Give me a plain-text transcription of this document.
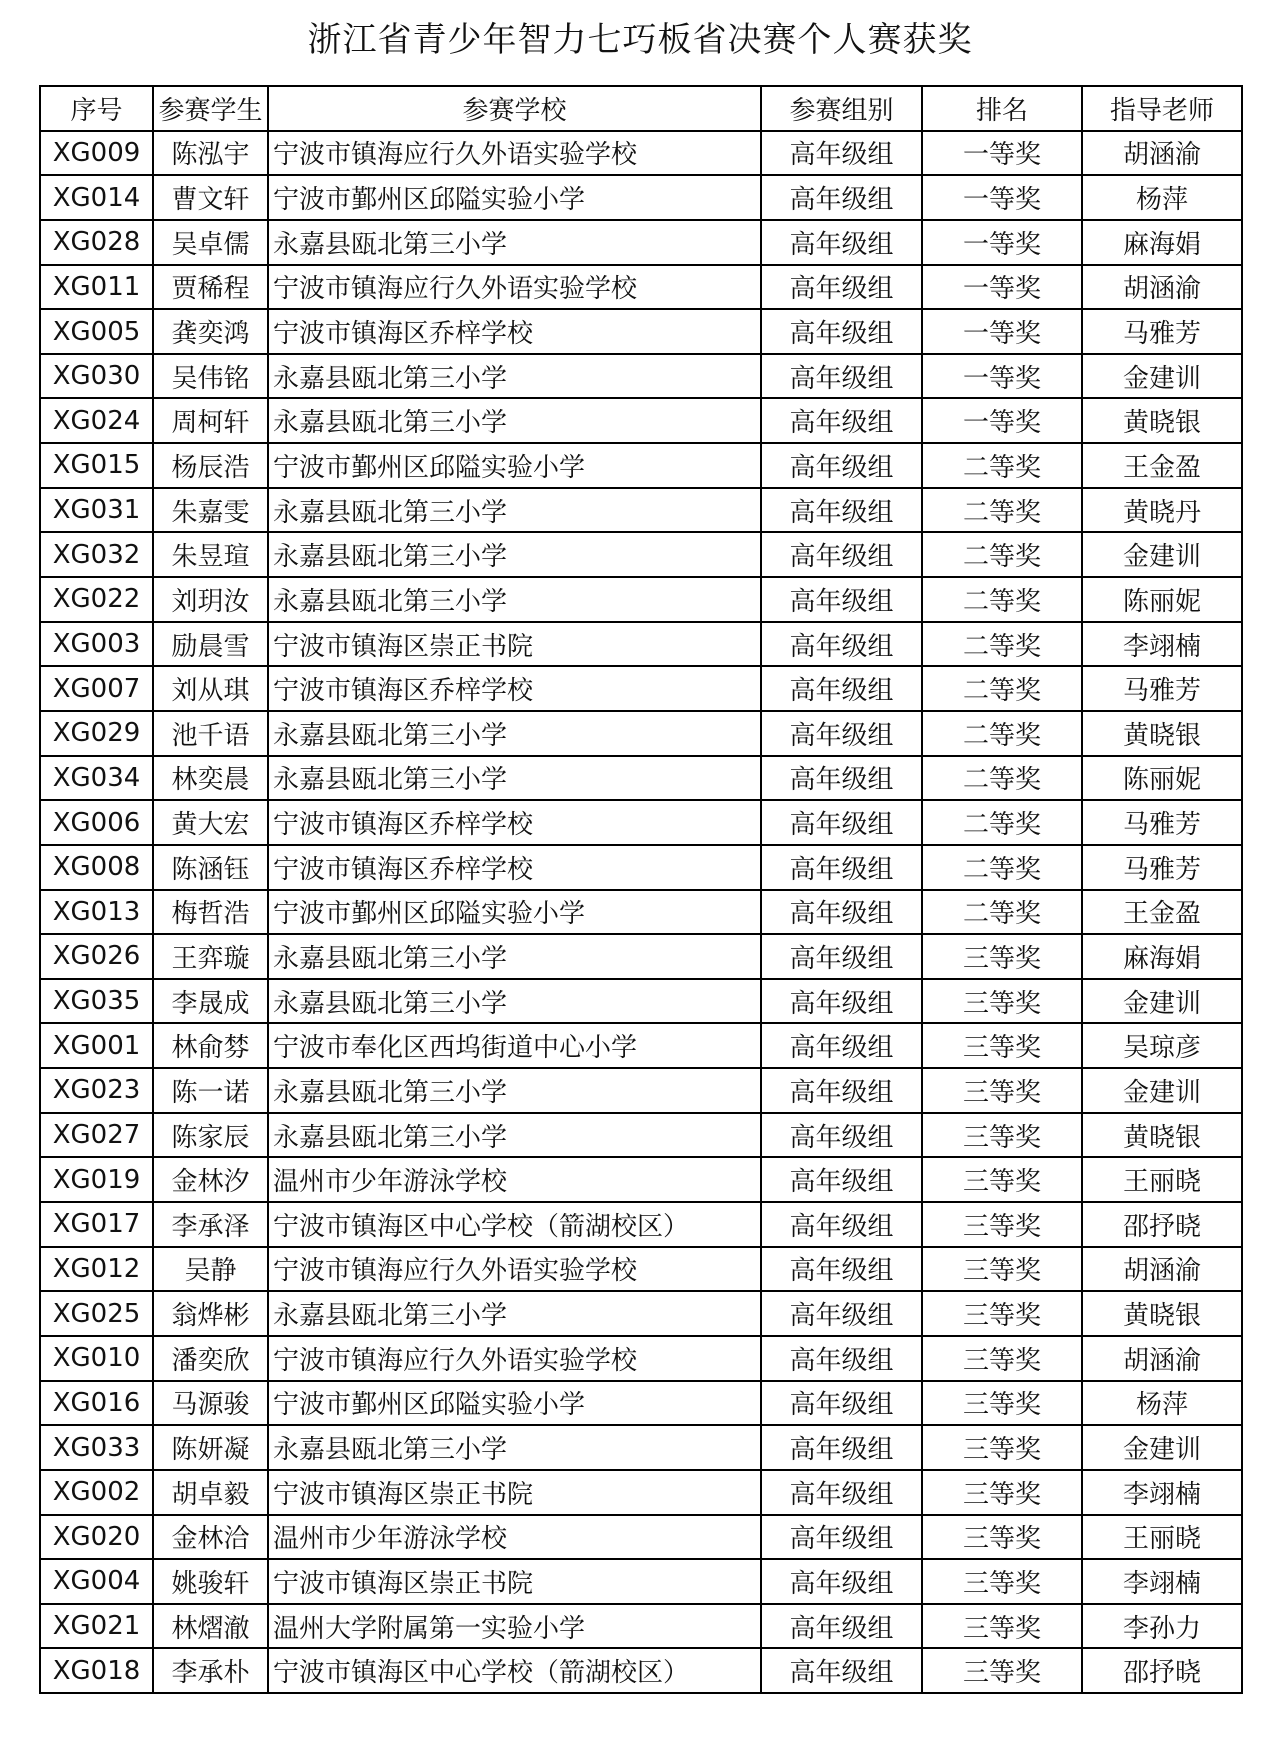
浙江省青少年智力七巧板省决赛个人赛获奖
序号	参赛学生	参赛学校	参赛组别	排名	指导老师
XG009	陈泓宇	宁波市镇海应行久外语实验学校	高年级组	一等奖	胡涵渝
XG014	曹文轩	宁波市鄞州区邱隘实验小学	高年级组	一等奖	杨萍
XG028	吴卓儒	永嘉县瓯北第三小学	高年级组	一等奖	麻海娟
XG011	贾稀程	宁波市镇海应行久外语实验学校	高年级组	一等奖	胡涵渝
XG005	龚奕鸿	宁波市镇海区乔梓学校	高年级组	一等奖	马雅芳
XG030	吴伟铭	永嘉县瓯北第三小学	高年级组	一等奖	金建训
XG024	周柯轩	永嘉县瓯北第三小学	高年级组	一等奖	黄晓银
XG015	杨辰浩	宁波市鄞州区邱隘实验小学	高年级组	二等奖	王金盈
XG031	朱嘉雯	永嘉县瓯北第三小学	高年级组	二等奖	黄晓丹
XG032	朱昱瑄	永嘉县瓯北第三小学	高年级组	二等奖	金建训
XG022	刘玥汝	永嘉县瓯北第三小学	高年级组	二等奖	陈丽妮
XG003	励晨雪	宁波市镇海区崇正书院	高年级组	二等奖	李翊楠
XG007	刘从琪	宁波市镇海区乔梓学校	高年级组	二等奖	马雅芳
XG029	池千语	永嘉县瓯北第三小学	高年级组	二等奖	黄晓银
XG034	林奕晨	永嘉县瓯北第三小学	高年级组	二等奖	陈丽妮
XG006	黄大宏	宁波市镇海区乔梓学校	高年级组	二等奖	马雅芳
XG008	陈涵钰	宁波市镇海区乔梓学校	高年级组	二等奖	马雅芳
XG013	梅哲浩	宁波市鄞州区邱隘实验小学	高年级组	二等奖	王金盈
XG026	王弈璇	永嘉县瓯北第三小学	高年级组	三等奖	麻海娟
XG035	李晟成	永嘉县瓯北第三小学	高年级组	三等奖	金建训
XG001	林俞棼	宁波市奉化区西坞街道中心小学	高年级组	三等奖	吴琼彦
XG023	陈一诺	永嘉县瓯北第三小学	高年级组	三等奖	金建训
XG027	陈家辰	永嘉县瓯北第三小学	高年级组	三等奖	黄晓银
XG019	金林汐	温州市少年游泳学校	高年级组	三等奖	王丽晓
XG017	李承泽	宁波市镇海区中心学校（箭湖校区）	高年级组	三等奖	邵抒晓
XG012	吴静	宁波市镇海应行久外语实验学校	高年级组	三等奖	胡涵渝
XG025	翁烨彬	永嘉县瓯北第三小学	高年级组	三等奖	黄晓银
XG010	潘奕欣	宁波市镇海应行久外语实验学校	高年级组	三等奖	胡涵渝
XG016	马源骏	宁波市鄞州区邱隘实验小学	高年级组	三等奖	杨萍
XG033	陈妍凝	永嘉县瓯北第三小学	高年级组	三等奖	金建训
XG002	胡卓毅	宁波市镇海区崇正书院	高年级组	三等奖	李翊楠
XG020	金林洽	温州市少年游泳学校	高年级组	三等奖	王丽晓
XG004	姚骏轩	宁波市镇海区崇正书院	高年级组	三等奖	李翊楠
XG021	林熠澈	温州大学附属第一实验小学	高年级组	三等奖	李孙力
XG018	李承朴	宁波市镇海区中心学校（箭湖校区）	高年级组	三等奖	邵抒晓
